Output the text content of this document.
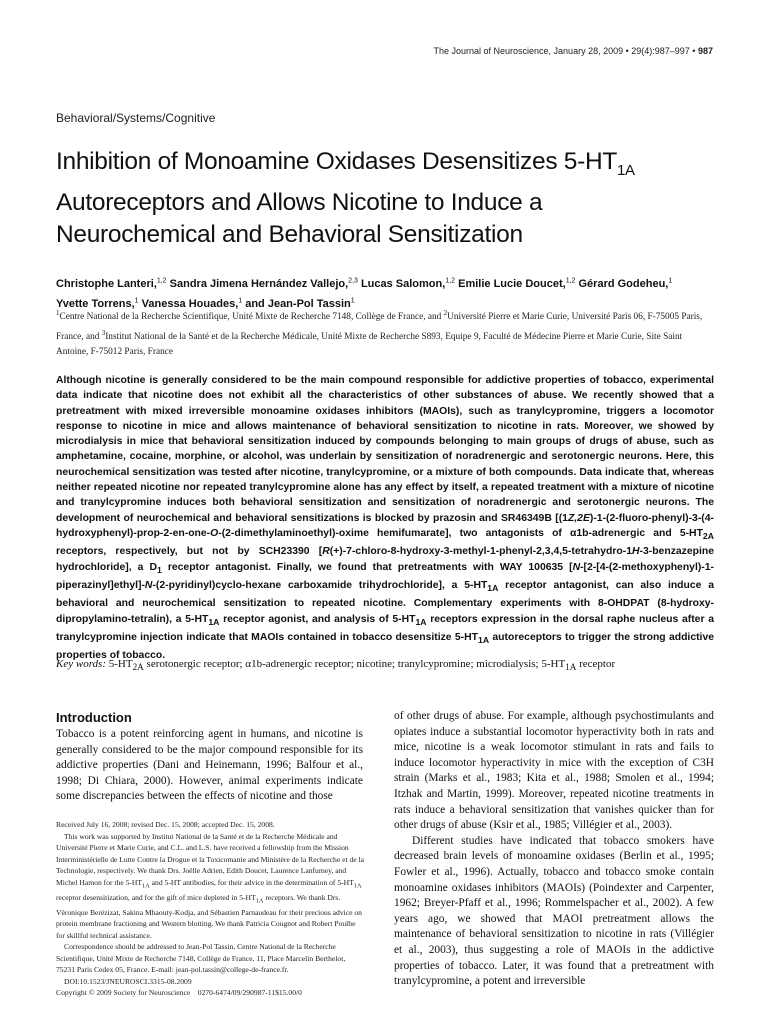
The Journal of Neuroscience, January 28, 2009 • 29(4):987–997 • 987
Behavioral/Systems/Cognitive
Inhibition of Monoamine Oxidases Desensitizes $5-HT_{1A}$
Autoreceptors and Allows Nicotine to Induce a
Neurochemical and Behavioral Sensitization
Christophe Lanteri,$^{1,2}$ Sandra Jimena Hernández Vallejo,$^{2,3}$ Lucas Salomon,$^{1,2}$ Emilie Lucie Doucet,$^{1,2}$ Gérard Godeheu,$^1$
Yvette Torrens,$^1$ Vanessa Houades,$^1$ and Jean-Pol Tassin$^1$
$^1$Centre National de la Recherche Scientifique, Unité Mixte de Recherche 7148, Collège de France, and $^2$Université Pierre et Marie Curie, Université Paris 06, F-75005 Paris, France, and $^3$Institut National de la Santé et de la Recherche Médicale, Unité Mixte de Recherche S893, Equipe 9, Faculté de Médecine Pierre et Marie Curie, Site Saint Antoine, F-75012 Paris, France
Although nicotine is generally considered to be the main compound responsible for addictive properties of tobacco, experimental data indicate that nicotine does not exhibit all the characteristics of other substances of abuse. We recently showed that a pretreatment with mixed irreversible monoamine oxidases inhibitors (MAOIs), such as tranylcypromine, triggers a locomotor response to nicotine in mice and allows maintenance of behavioral sensitization to nicotine in rats. Moreover, we showed by microdialysis in mice that behavioral sensitization induced by compounds belonging to main groups of drugs of abuse, such as amphetamine, cocaine, morphine, or alcohol, was underlain by sensitization of noradrenergic and serotonergic neurons. Here, this neurochemical sensitization was tested after nicotine, tranylcypromine, or a mixture of both compounds. Data indicate that, whereas neither repeated nicotine nor repeated tranylcypromine alone has any effect by itself, a repeated treatment with a mixture of nicotine and tranylcypromine induces both behavioral sensitization and sensitization of noradrenergic and serotonergic neurons. The development of neurochemical and behavioral sensitizations is blocked by prazosin and SR46349B [(1Z,2E)-1-(2-fluoro-phenyl)-3-(4-hydroxyphenyl)-prop-2-en-one-O-(2-dimethylaminoethyl)-oxime hemifumarate], two antagonists of α1b-adrenergic and $5-HT_{2A}$ receptors, respectively, but not by SCH23390 [R(+)-7-chloro-8-hydroxy-3-methyl-1-phenyl-2,3,4,5-tetrahydro-1H-3-benzazepine hydrochloride], a $D_1$ receptor antagonist. Finally, we found that pretreatments with WAY 100635 [N-[2-[4-(2-methoxyphenyl)-1-piperazinyl]ethyl]-N-(2-pyridinyl)cyclo-hexane carboxamide trihydrochloride], a $5-HT_{1A}$ receptor antagonist, can also induce a behavioral and neurochemical sensitization to repeated nicotine. Complementary experiments with 8-OHDPAT (8-hydroxy-dipropylamino-tetralin), a $5-HT_{1A}$ receptor agonist, and analysis of $5-HT_{1A}$ receptors expression in the dorsal raphe nucleus after a tranylcypromine injection indicate that MAOIs contained in tobacco desensitize $5-HT_{1A}$ autoreceptors to trigger the strong addictive properties of tobacco.
Key words: $5-HT_{2A}$ serotonergic receptor; α1b-adrenergic receptor; nicotine; tranylcypromine; microdialysis; $5-HT_{1A}$ receptor
Introduction
Tobacco is a potent reinforcing agent in humans, and nicotine is generally considered to be the major compound responsible for its addictive properties (Dani and Heinemann, 1996; Balfour et al., 1998; Di Chiara, 2000). However, animal experiments indicate some discrepancies between the effects of nicotine and those

of other drugs of abuse. For example, although psychostimulants and opiates induce a substantial locomotor hyperactivity both in rats and mice, nicotine is a weak locomotor stimulant in rats and fails to induce locomotor hyperactivity in mice with the exception of C3H strain (Marks et al., 1983; Kita et al., 1988; Smolen et al., 1994; Itzhak and Martin, 1999). Moreover, repeated nicotine treatments in rats induce a behavioral sensitization that vanishes quicker than for other drugs of abuse (Ksir et al., 1985; Villégier et al., 2003).

Different studies have indicated that tobacco smokers have decreased brain levels of monoamine oxidases (Berlin et al., 1995; Fowler et al., 1996). Actually, tobacco and tobacco smoke contain monoamine oxidases inhibitors (MAOIs) (Poindexter and Carpenter, 1962; Breyer-Pfaff et al., 1996; Rommelspacher et al., 2002). A few years ago, we showed that MAOI pretreatment allows the maintenance of behavioral sensitization to nicotine in rats (Villégier et al., 2003), thus suggesting a role of MAOIs in the addictive properties of tobacco. Later, it was found that a pretreatment with tranylcypromine, a potent and irreversible

Received July 16, 2008; revised Dec. 15, 2008; accepted Dec. 15, 2008.

This work was supported by Institut National de la Santé et de la Recherche Médicale and Université Pierre et Marie Curie, and C.L. and L.S. have received a fellowship from the Mission Interministérielle de Lutte Contre la Drogue et la Toxicomanie and Ministère de la Recherche et de la Technologie, respectively. We thank Drs. Joëlle Adrien, Edith Doucet, Laurence Lanfumey, and Michel Hamon for the $5-HT_{1A}$ and 5-HT antibodies, for their advice in the determination of $5-HT_{1A}$ receptor desensitization, and for the gift of mice depleted in $5-HT_{1A}$ receptors. We thank Drs. Véronique Berézizat, Sakina Mhaouty-Kodja, and Sébastien Parnaudeau for their precious advice on protein membrane fractioning and Western blotting. We thank Patricia Cougnot and Robert Poulhe for skillful technical assistance.

Correspondence should be addressed to Jean-Pol Tassin, Centre National de la Recherche Scientifique, Unité Mixte de Recherche 7148, Collège de France, 11, Place Marcelin Berthelot, 75231 Paris Cedex 05, France. E-mail: jean-pol.tassin@college-de-france.fr.

DOI:10.1523/JNEUROSCI.3315-08.2009

Copyright © 2009 Society for Neuroscience    0270-6474/09/290987-11$15.00/0
